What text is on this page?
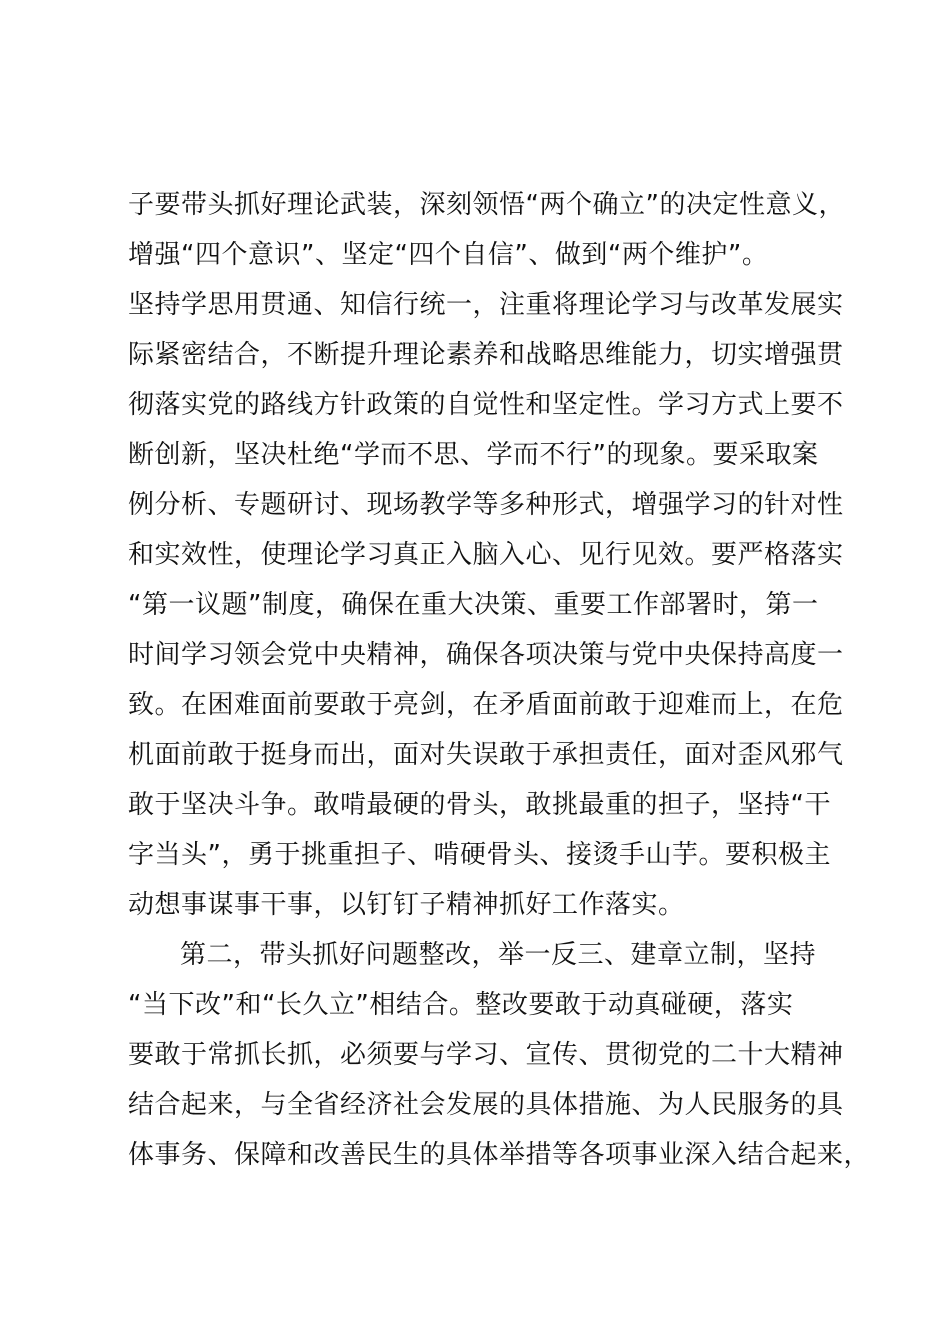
子要带头抓好理论武装，深刻领悟“两个确立”的决定性意义，
增强“四个意识”、坚定“四个自信”、做到“两个维护”。
坚持学思用贯通、知信行统一，注重将理论学习与改革发展实
际紧密结合，不断提升理论素养和战略思维能力，切实增强贯
彻落实党的路线方针政策的自觉性和坚定性。学习方式上要不
断创新，坚决杜绝“学而不思、学而不行”的现象。要采取案
例分析、专题研讨、现场教学等多种形式，增强学习的针对性
和实效性，使理论学习真正入脑入心、见行见效。要严格落实
“第一议题”制度，确保在重大决策、重要工作部署时，第一
时间学习领会党中央精神，确保各项决策与党中央保持高度一
致。在困难面前要敢于亮剑，在矛盾面前敢于迎难而上，在危
机面前敢于挺身而出，面对失误敢于承担责任，面对歪风邪气
敢于坚决斗争。敢啃最硬的骨头，敢挑最重的担子，坚持“干
字当头”，勇于挑重担子、啃硬骨头、接烫手山芋。要积极主
动想事谋事干事，以钉钉子精神抓好工作落实。
第二，带头抓好问题整改，举一反三、建章立制，坚持
“当下改”和“长久立”相结合。整改要敢于动真碰硬，落实
要敢于常抓长抓，必须要与学习、宣传、贯彻党的二十大精神
结合起来，与全省经济社会发展的具体措施、为人民服务的具
体事务、保障和改善民生的具体举措等各项事业深入结合起来，
